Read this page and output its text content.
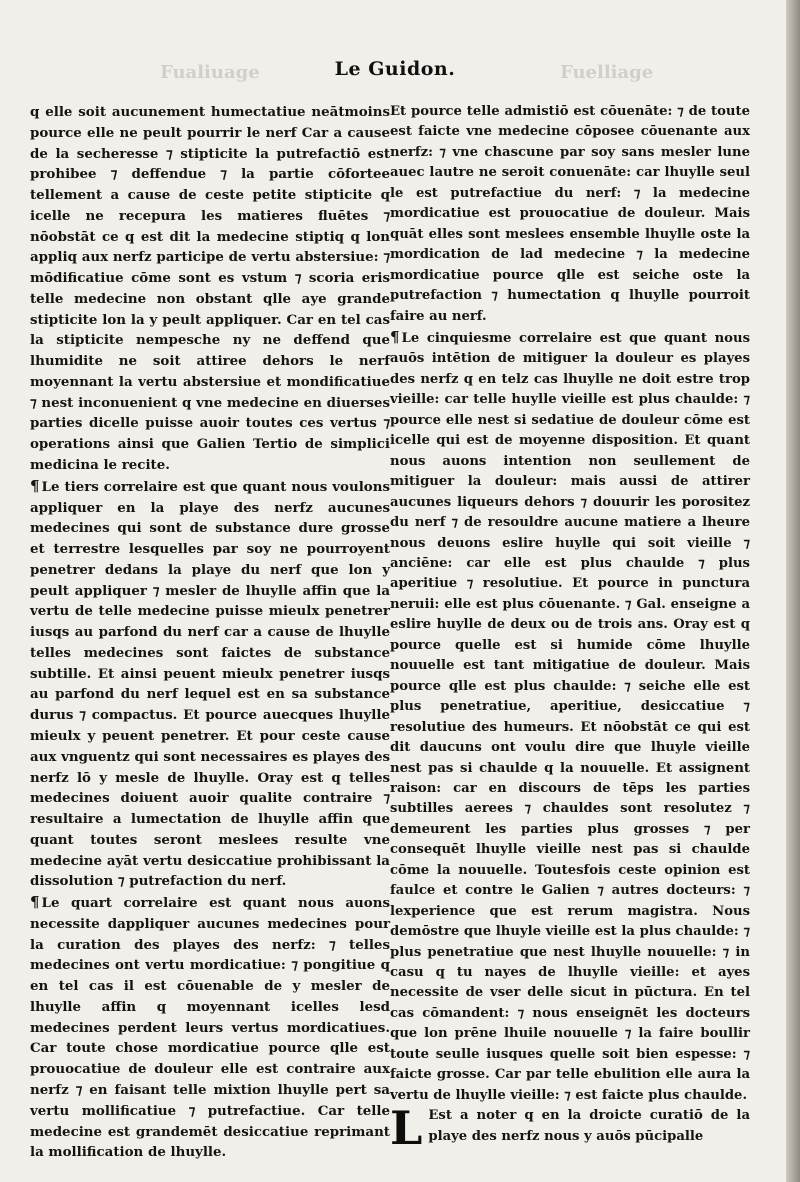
Fualiuage	Fuelliage
Le Guidon.

q elle soit aucunement humectatiue neātmoins pource elle ne peult pourrir le nerf Car a cause de la secheresse ⁊ stipticite la putrefactiō est prohibee ⁊ deffendue ⁊ la partie cōfortee tellement a cause de ceste petite stipticite q icelle ne recepura les matieres fluētes ⁊ nōobstāt ce q est dit la medecine stiptiq q lon appliq aux nerfz participe de vertu abstersiue: ⁊ mōdificatiue cōme sont es vstum ⁊ scoria eris telle medecine non obstant qlle aye grande stipticite lon la y peult appliquer. Car en tel cas la stipticite nempesche ny ne deffend que lhumidite ne soit attiree dehors le nerf moyennant la vertu abstersiue et mondificatiue ⁊ nest inconuenient q vne medecine en diuerses parties dicelle puisse auoir toutes ces vertus ⁊ operations ainsi que Galien Tertio de simplici medicina le recite.

¶ Le tiers correlaire est que quant nous voulons appliquer en la playe des nerfz aucunes medecines qui sont de substance dure grosse et terrestre lesquelles par soy ne pourroyent penetrer dedans la playe du nerf que lon y peult appliquer ⁊ mesler de lhuylle affin que la vertu de telle medecine puisse mieulx penetrer iusqs au parfond du nerf car a cause de lhuylle telles medecines sont faictes de substance subtille. Et ainsi peuent mieulx penetrer iusqs au parfond du nerf lequel est en sa substance durus ⁊ compactus. Et pource auecques lhuylle mieulx y peuent penetrer. Et pour ceste cause aux vnguentz qui sont necessaires es playes des nerfz lō y mesle de lhuylle. Oray est q telles medecines doiuent auoir qualite contraire ⁊ resultaire a lumectation de lhuylle affin que quant toutes seront meslees resulte vne medecine ayāt vertu desiccatiue prohibissant la dissolution ⁊ putrefaction du nerf.

¶ Le quart correlaire est quant nous auons necessite dappliquer aucunes medecines pour la curation des playes des nerfz: ⁊ telles medecines ont vertu mordicatiue: ⁊ pongitiue q en tel cas il est cōuenable de y mesler de lhuylle affin q moyennant icelles lesd medecines perdent leurs vertus mordicatiues. Car toute chose mordicatiue pource qlle est prouocatiue de douleur elle est contraire aux nerfz ⁊ en faisant telle mixtion lhuylle pert sa vertu mollificatiue ⁊ putrefactiue. Car telle medecine est grandemēt desiccatiue reprimant la mollification de lhuylle.

Et pource telle admistiō est cōuenāte: ⁊ de toute est faicte vne medecine cōposee cōuenante aux nerfz: ⁊ vne chascune par soy sans mesler lune auec lautre ne seroit conuenāte: car lhuylle seul le est putrefactiue du nerf: ⁊ la medecine mordicatiue est prouocatiue de douleur. Mais quāt elles sont meslees ensemble lhuylle oste la mordication de lad medecine ⁊ la medecine mordicatiue pource qlle est seiche oste la putrefaction ⁊ humectation q lhuylle pourroit faire au nerf.

¶ Le cinquiesme correlaire est que quant nous auōs intētion de mitiguer la douleur es playes des nerfz q en telz cas lhuylle ne doit estre trop vieille: car telle huylle vieille est plus chaulde: ⁊ pource elle nest si sedatiue de douleur cōme est icelle qui est de moyenne disposition. Et quant nous auons intention non seullement de mitiguer la douleur: mais aussi de attirer aucunes liqueurs dehors ⁊ douurir les porositez du nerf ⁊ de resouldre aucune matiere a lheure nous deuons eslire huylle qui soit vieille ⁊ anciēne: car elle est plus chaulde ⁊ plus aperitiue ⁊ resolutiue. Et pource in punctura neruii: elle est plus cōuenante. ⁊ Gal. enseigne a eslire huylle de deux ou de trois ans. Oray est q pource quelle est si humide cōme lhuylle nouuelle est tant mitigatiue de douleur. Mais pource qlle est plus chaulde: ⁊ seiche elle est plus penetratiue, aperitiue, desiccatiue ⁊ resolutiue des humeurs. Et nōobstāt ce qui est dit daucuns ont voulu dire que lhuyle vieille nest pas si chaulde q la nouuelle. Et assignent raison: car en discours de tēps les parties subtilles aerees ⁊ chauldes sont resolutez ⁊ demeurent les parties plus grosses ⁊ per consequēt lhuylle vieille nest pas si chaulde cōme la nouuelle. Toutesfois ceste opinion est faulce et contre le Galien ⁊ autres docteurs: ⁊ lexperience que est rerum magistra. Nous demōstre que lhuyle vieille est la plus chaulde: ⁊ plus penetratiue que nest lhuylle nouuelle: ⁊ in casu q tu nayes de lhuylle vieille: et ayes necessite de vser delle sicut in pūctura. En tel cas cōmandent: ⁊ nous enseignēt les docteurs que lon prēne lhuile nouuelle ⁊ la faire boullir toute seulle iusques quelle soit bien espesse: ⁊ faicte grosse. Car par telle ebulition elle aura la vertu de lhuylle vieille: ⁊ est faicte plus chaulde.

L Est a noter q en la droicte curatiō de la playe des nerfz nous y auōs pūcipalle
